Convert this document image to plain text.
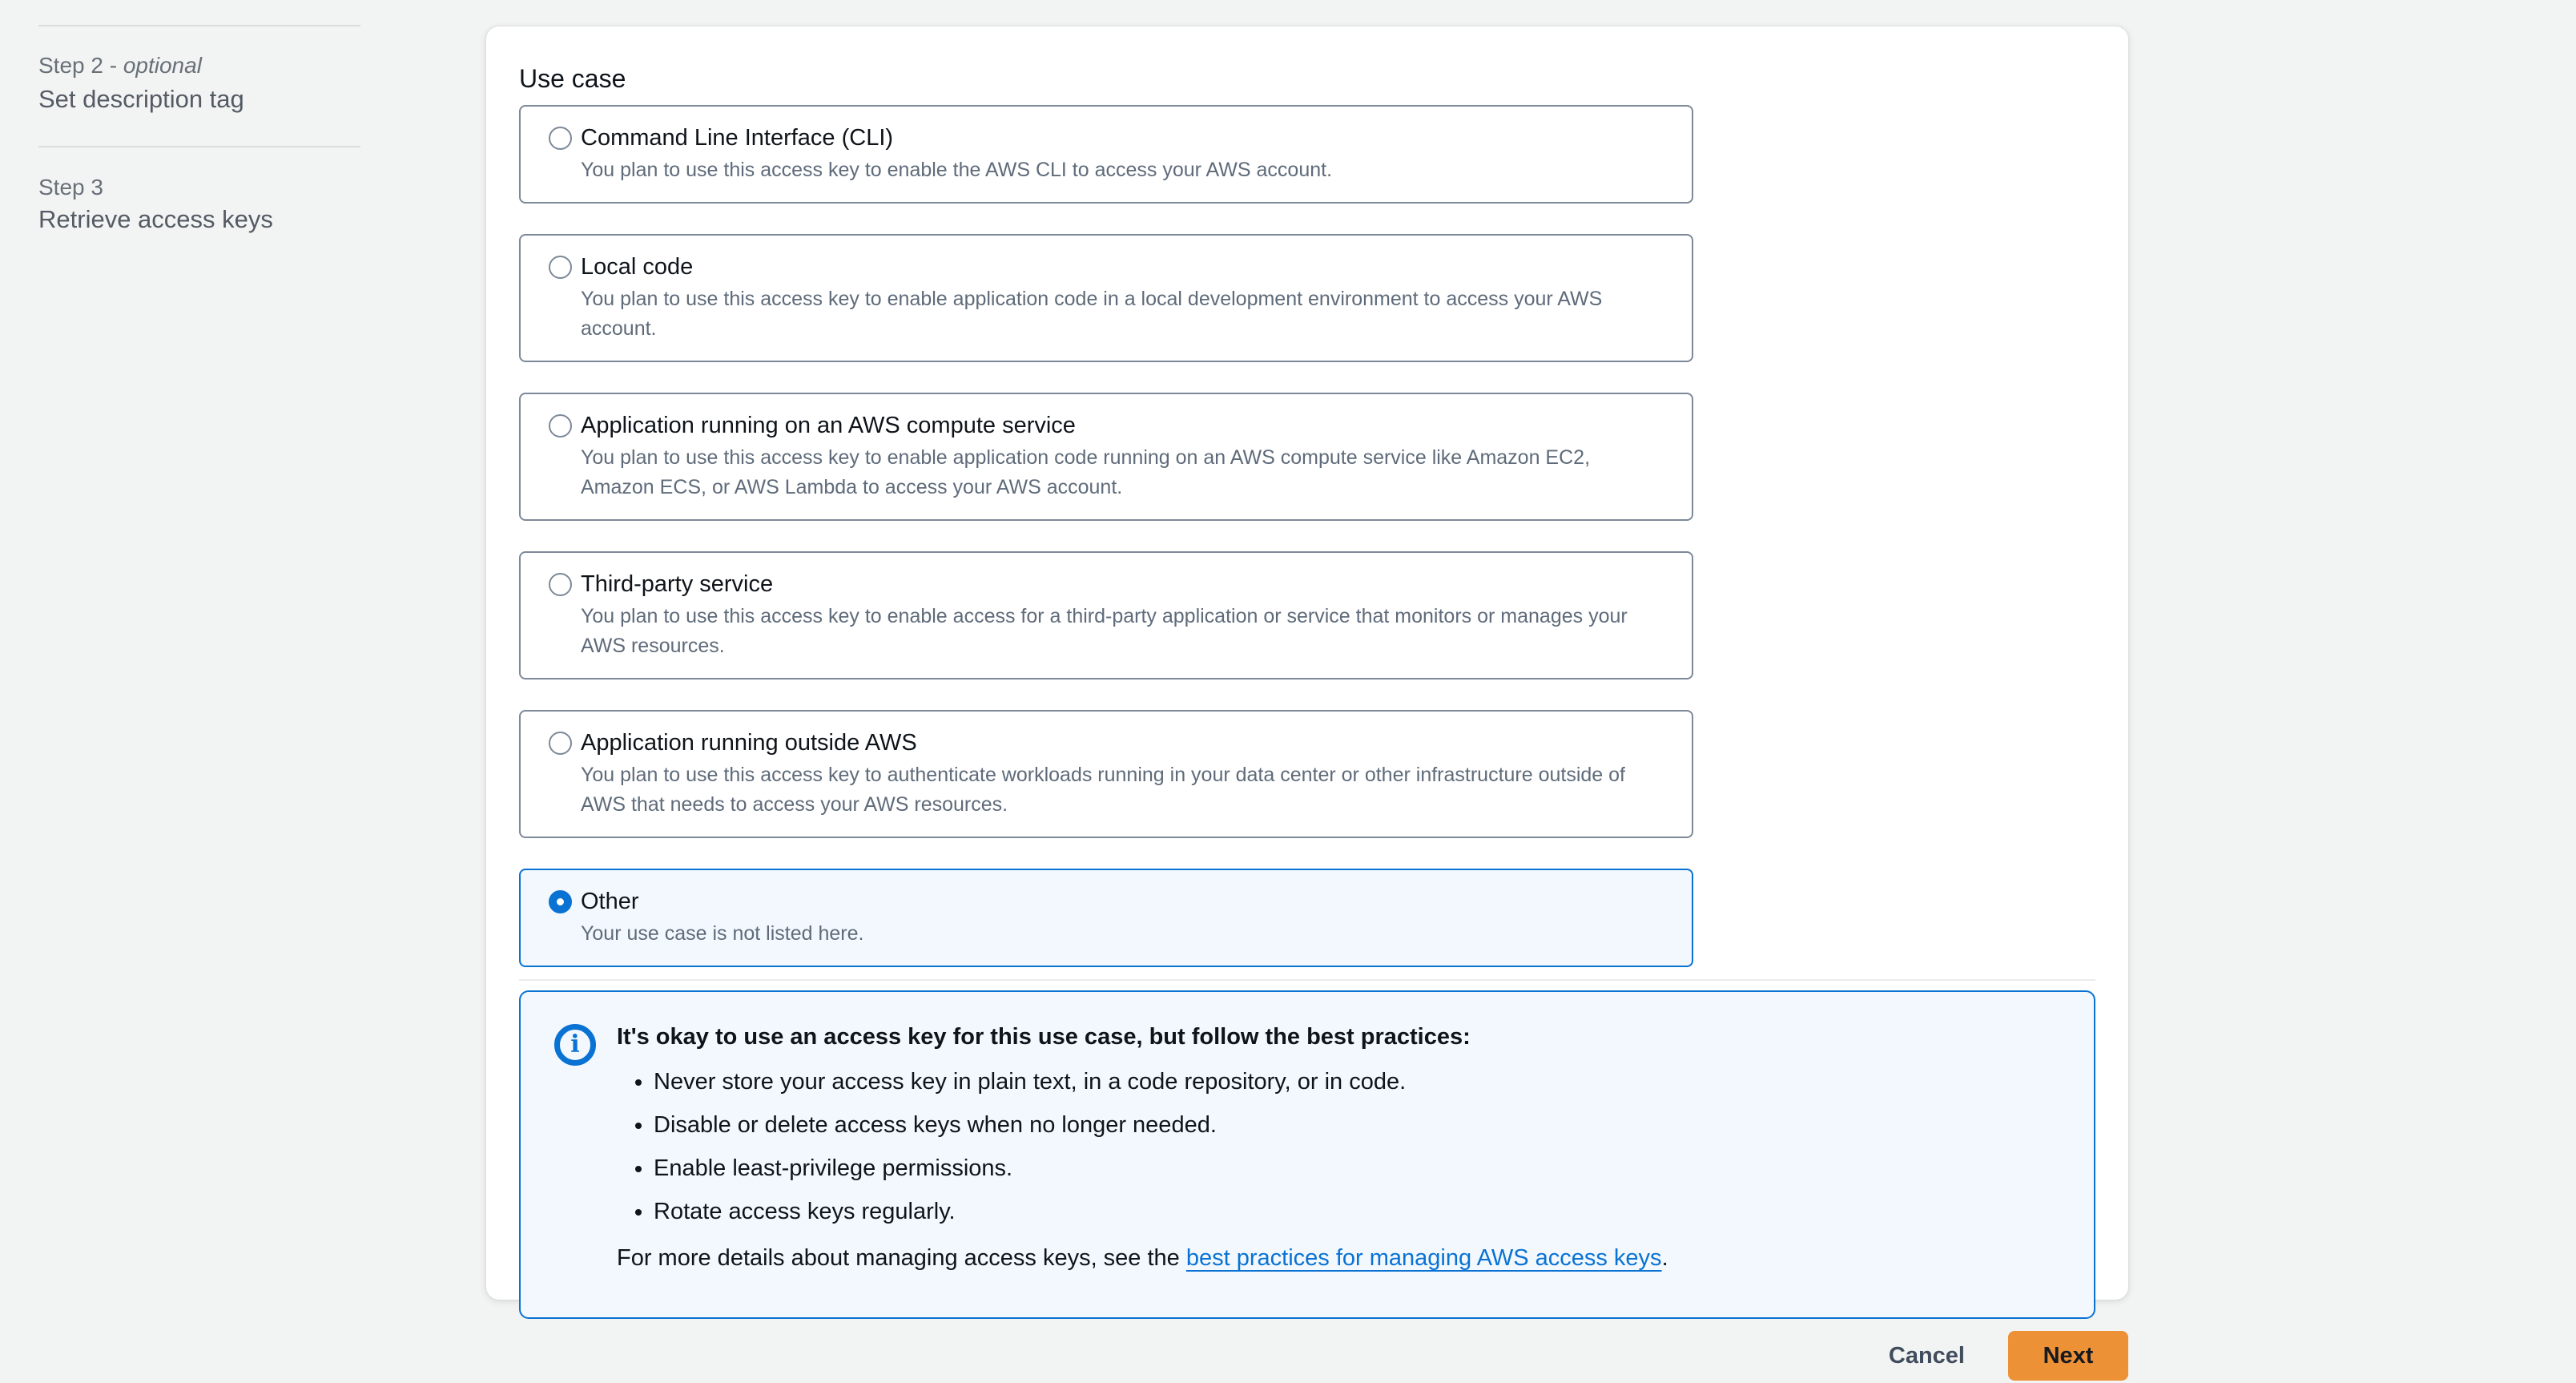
Step 2 - optional
Set description tag
Step 3
Retrieve access keys
Use case
Command Line Interface (CLI)
You plan to use this access key to enable the AWS CLI to access your AWS account.
Local code
You plan to use this access key to enable application code in a local development environment to access your AWS account.
Application running on an AWS compute service
You plan to use this access key to enable application code running on an AWS compute service like Amazon EC2, Amazon ECS, or AWS Lambda to access your AWS account.
Third-party service
You plan to use this access key to enable access for a third-party application or service that monitors or manages your AWS resources.
Application running outside AWS
You plan to use this access key to authenticate workloads running in your data center or other infrastructure outside of AWS that needs to access your AWS resources.
Other
Your use case is not listed here.
i It's okay to use an access key for this use case, but follow the best practices:
• Never store your access key in plain text, in a code repository, or in code.
• Disable or delete access keys when no longer needed.
• Enable least-privilege permissions.
• Rotate access keys regularly.
For more details about managing access keys, see the best practices for managing AWS access keys.
Cancel	Next
